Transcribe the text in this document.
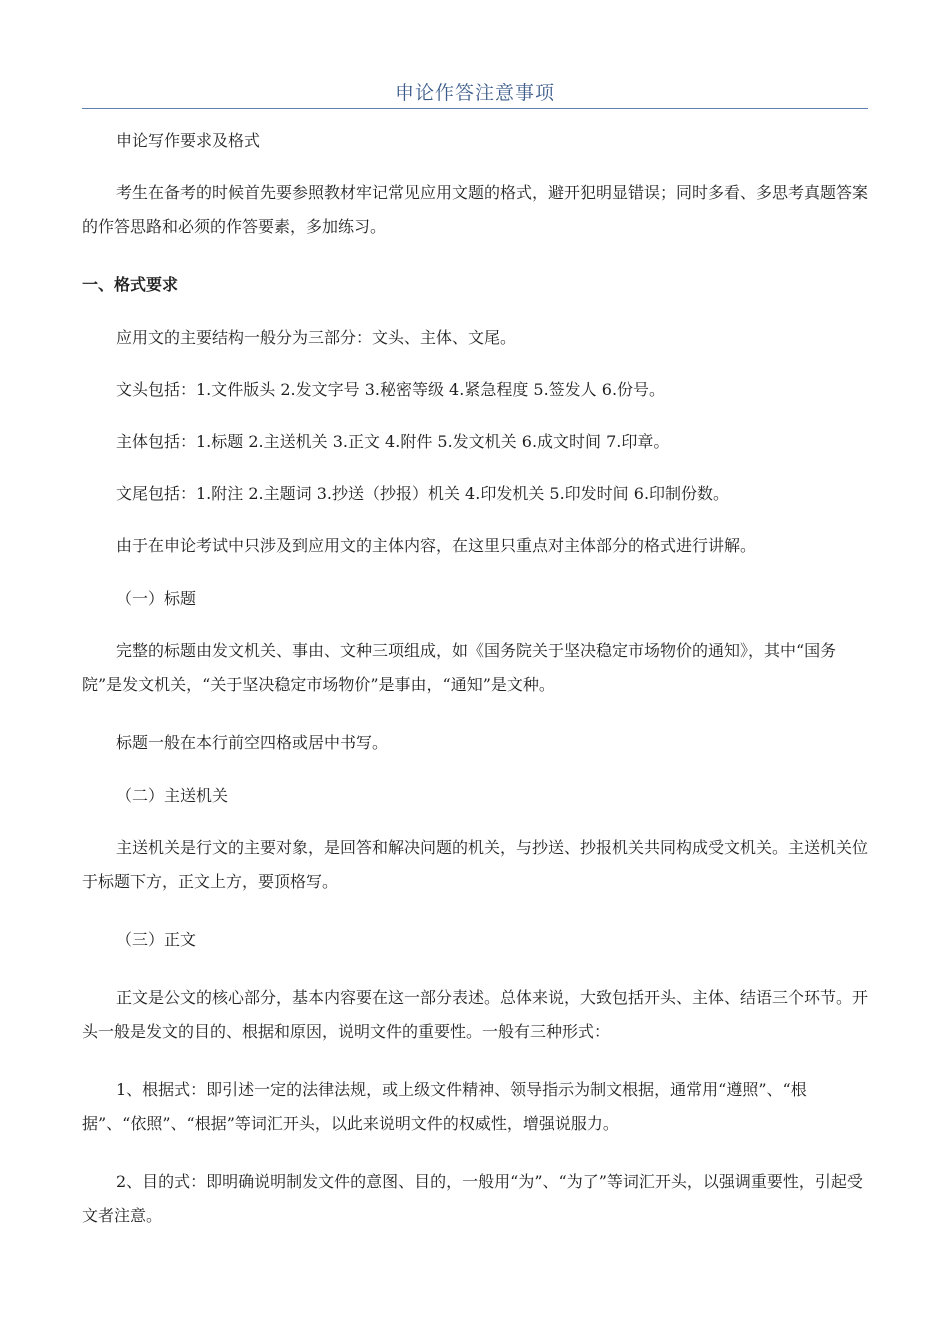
申论作答注意事项

申论写作要求及格式

考生在备考的时候首先要参照教材牢记常见应用文题的格式，避开犯明显错误；同时多看、多思考真题答案的作答思路和必须的作答要素，多加练习。

一、格式要求

应用文的主要结构一般分为三部分：文头、主体、文尾。

文头包括：1.文件版头 2.发文字号 3.秘密等级 4.紧急程度 5.签发人 6.份号。

主体包括：1.标题 2.主送机关 3.正文 4.附件 5.发文机关 6.成文时间 7.印章。

文尾包括：1.附注 2.主题词 3.抄送（抄报）机关 4.印发机关 5.印发时间 6.印制份数。

由于在申论考试中只涉及到应用文的主体内容，在这里只重点对主体部分的格式进行讲解。

（一）标题

完整的标题由发文机关、事由、文种三项组成，如《国务院关于坚决稳定市场物价的通知》，其中“国务院”是发文机关，“关于坚决稳定市场物价”是事由，“通知”是文种。

标题一般在本行前空四格或居中书写。

（二）主送机关

主送机关是行文的主要对象，是回答和解决问题的机关，与抄送、抄报机关共同构成受文机关。主送机关位于标题下方，正文上方，要顶格写。

（三）正文

正文是公文的核心部分，基本内容要在这一部分表述。总体来说，大致包括开头、主体、结语三个环节。开头一般是发文的目的、根据和原因，说明文件的重要性。一般有三种形式：

1、根据式：即引述一定的法律法规，或上级文件精神、领导指示为制文根据，通常用“遵照”、“根据”、“依照”、“根据”等词汇开头，以此来说明文件的权威性，增强说服力。

2、目的式：即明确说明制发文件的意图、目的，一般用“为”、“为了”等词汇开头，以强调重要性，引起受文者注意。
